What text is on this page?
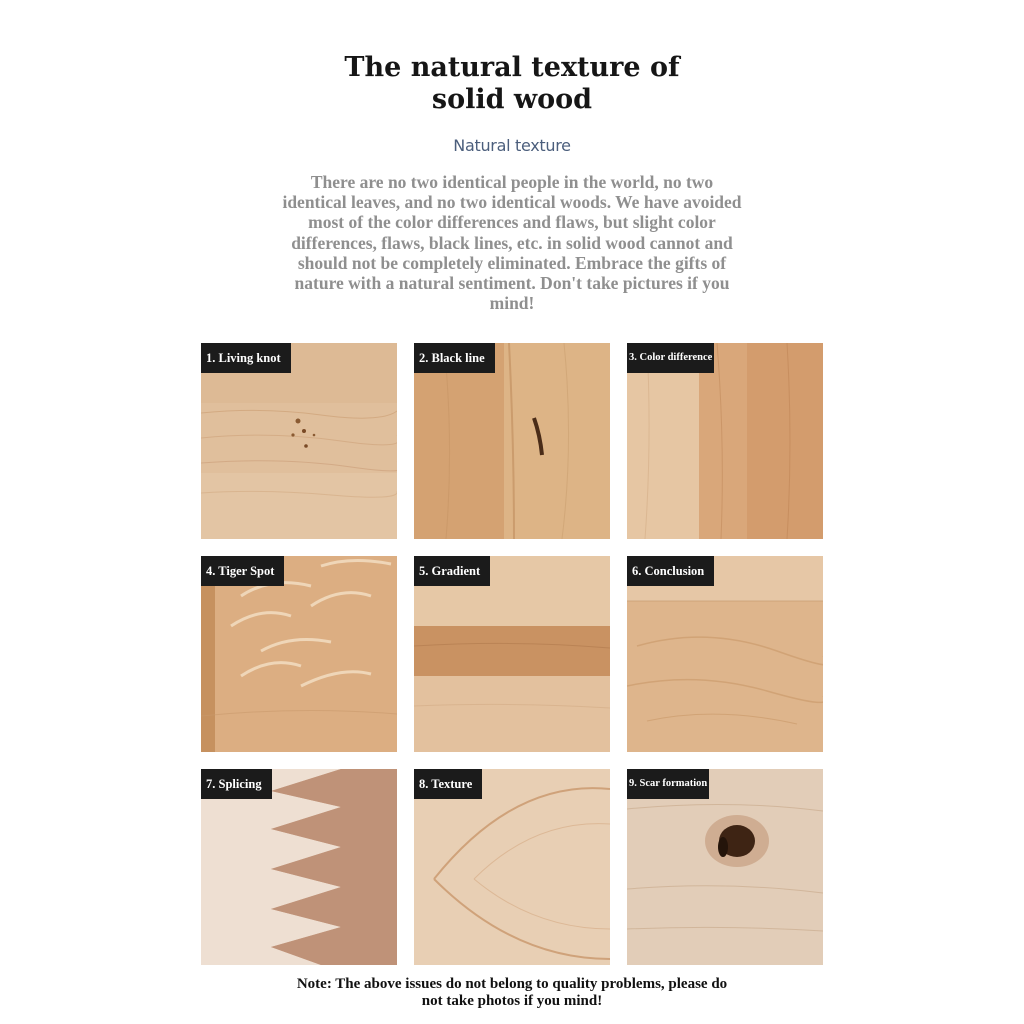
The natural texture of
solid wood
Natural texture
There are no two identical people in the world, no two identical leaves, and no two identical woods. We have avoided most of the color differences and flaws, but slight color differences, flaws, black lines, etc. in solid wood cannot and should not be completely eliminated. Embrace the gifts of nature with a natural sentiment. Don't take pictures if you mind!
1. Living knot	2. Black line	3. Color difference
4. Tiger Spot	5. Gradient	6. Conclusion
7. Splicing	8. Texture	9. Scar formation
Note: The above issues do not belong to quality problems, please do
not take photos if you mind!
